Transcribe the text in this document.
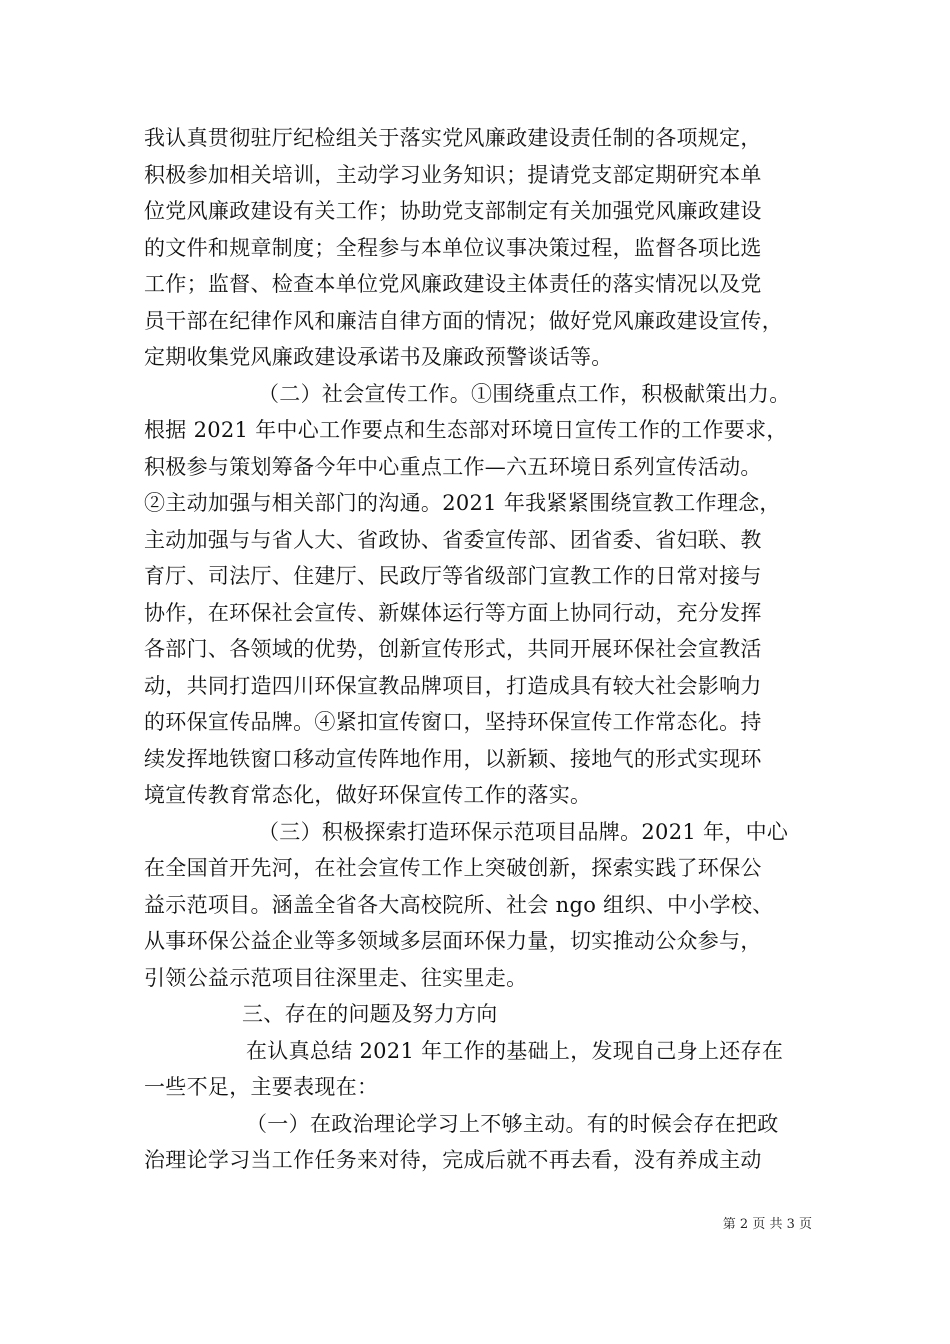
我认真贯彻驻厅纪检组关于落实党风廉政建设责任制的各项规定，
积极参加相关培训，主动学习业务知识；提请党支部定期研究本单
位党风廉政建设有关工作；协助党支部制定有关加强党风廉政建设
的文件和规章制度；全程参与本单位议事决策过程，监督各项比选
工作；监督、检查本单位党风廉政建设主体责任的落实情况以及党
员干部在纪律作风和廉洁自律方面的情况；做好党风廉政建设宣传，
定期收集党风廉政建设承诺书及廉政预警谈话等。
（二）社会宣传工作。①围绕重点工作，积极献策出力。
根据 2021 年中心工作要点和生态部对环境日宣传工作的工作要求，
积极参与策划筹备今年中心重点工作—六五环境日系列宣传活动。
②主动加强与相关部门的沟通。2021 年我紧紧围绕宣教工作理念，
主动加强与与省人大、省政协、省委宣传部、团省委、省妇联、教
育厅、司法厅、住建厅、民政厅等省级部门宣教工作的日常对接与
协作，在环保社会宣传、新媒体运行等方面上协同行动，充分发挥
各部门、各领域的优势，创新宣传形式，共同开展环保社会宣教活
动，共同打造四川环保宣教品牌项目，打造成具有较大社会影响力
的环保宣传品牌。④紧扣宣传窗口，坚持环保宣传工作常态化。持
续发挥地铁窗口移动宣传阵地作用，以新颖、接地气的形式实现环
境宣传教育常态化，做好环保宣传工作的落实。
（三）积极探索打造环保示范项目品牌。2021 年，中心
在全国首开先河，在社会宣传工作上突破创新，探索实践了环保公
益示范项目。涵盖全省各大高校院所、社会 ngo 组织、中小学校、
从事环保公益企业等多领域多层面环保力量，切实推动公众参与，
引领公益示范项目往深里走、往实里走。
三、存在的问题及努力方向
在认真总结 2021 年工作的基础上，发现自己身上还存在
一些不足，主要表现在：
（一）在政治理论学习上不够主动。有的时候会存在把政
治理论学习当工作任务来对待，完成后就不再去看，没有养成主动
第 2 页 共 3 页
